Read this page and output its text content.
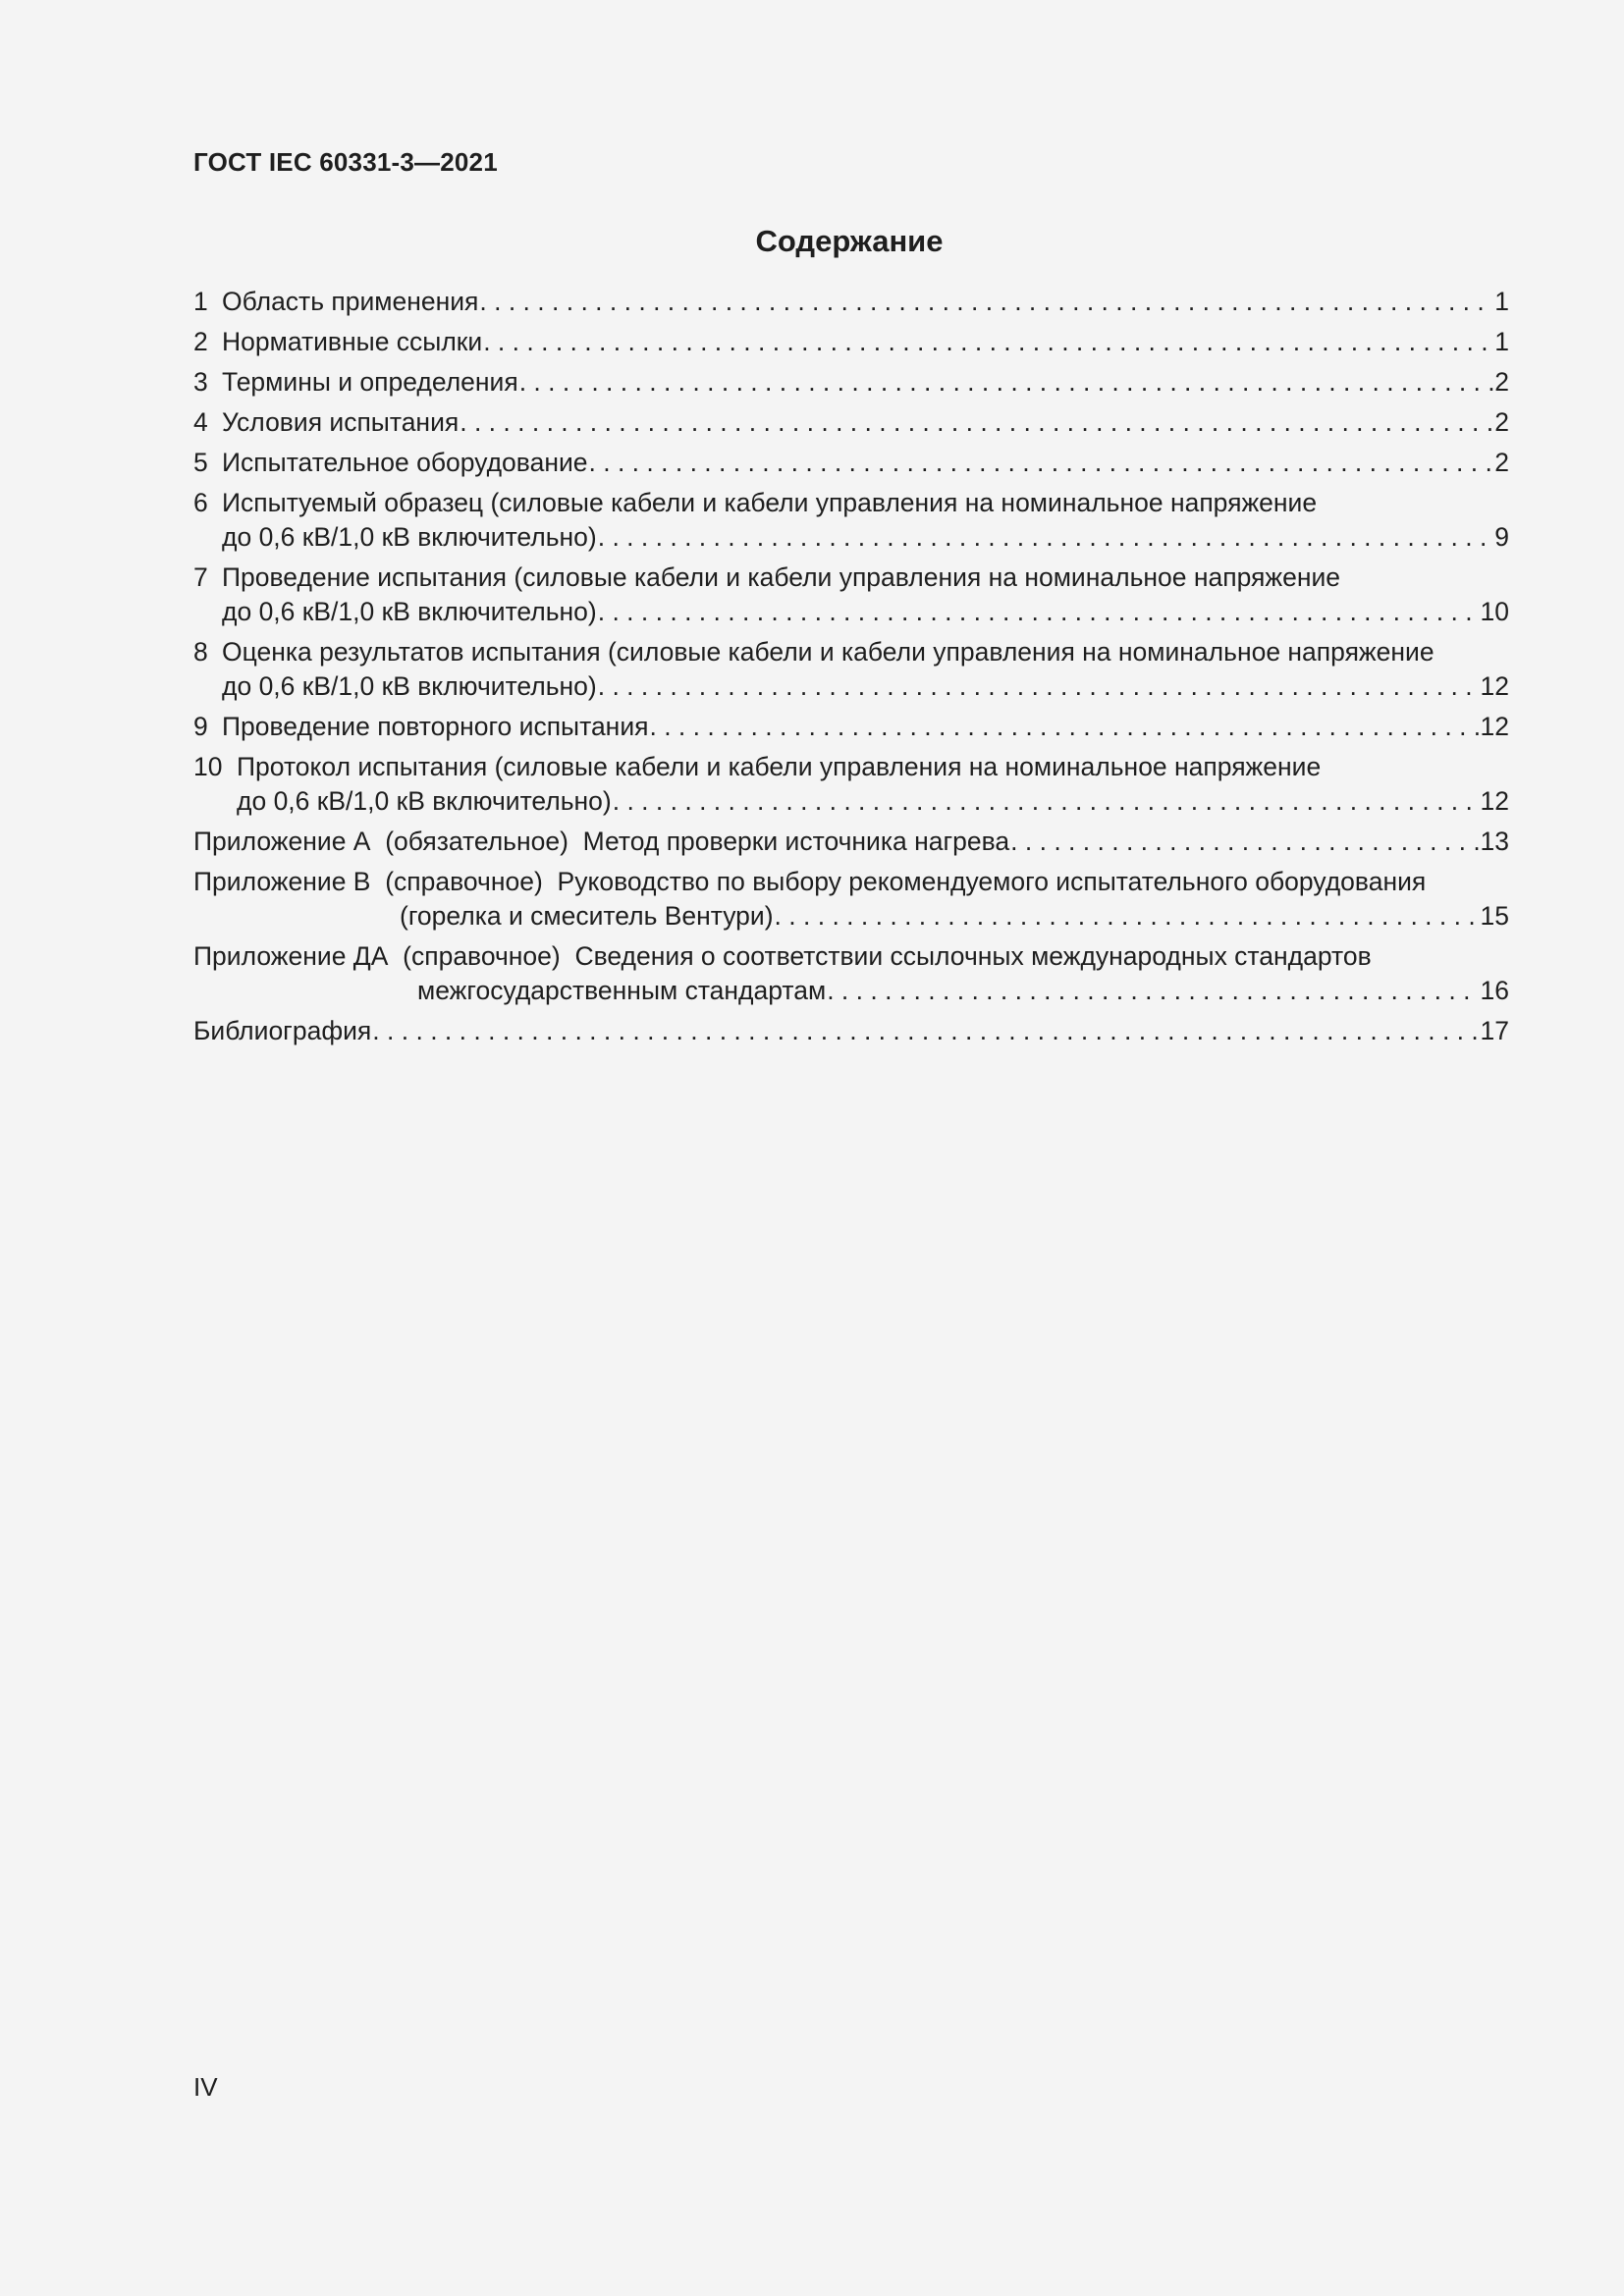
ГОСТ IEC 60331-3—2021
Содержание
1 Область применения . . .	1
2 Нормативные ссылки . . .	1
3 Термины и определения . . .	2
4 Условия испытания . . .	2
5 Испытательное оборудование . . .	2
6 Испытуемый образец (силовые кабели и кабели управления на номинальное напряжение
до 0,6 кВ/1,0 кВ включительно) . . .	9
7 Проведение испытания (силовые кабели и кабели управления на номинальное напряжение
до 0,6 кВ/1,0 кВ включительно) . . .	10
8 Оценка результатов испытания (силовые кабели и кабели управления на номинальное напряжение
до 0,6 кВ/1,0 кВ включительно) . . .	12
9 Проведение повторного испытания . . .	12
10 Протокол испытания (силовые кабели и кабели управления на номинальное напряжение
до 0,6 кВ/1,0 кВ включительно) . . .	12
Приложение А (обязательное) Метод проверки источника нагрева . . .	13
Приложение В (справочное) Руководство по выбору рекомендуемого испытательного оборудования
(горелка и смеситель Вентури) . . .	15
Приложение ДА (справочное) Сведения о соответствии ссылочных международных стандартов
межгосударственным стандартам . . .	16
Библиография . . .	17
IV
